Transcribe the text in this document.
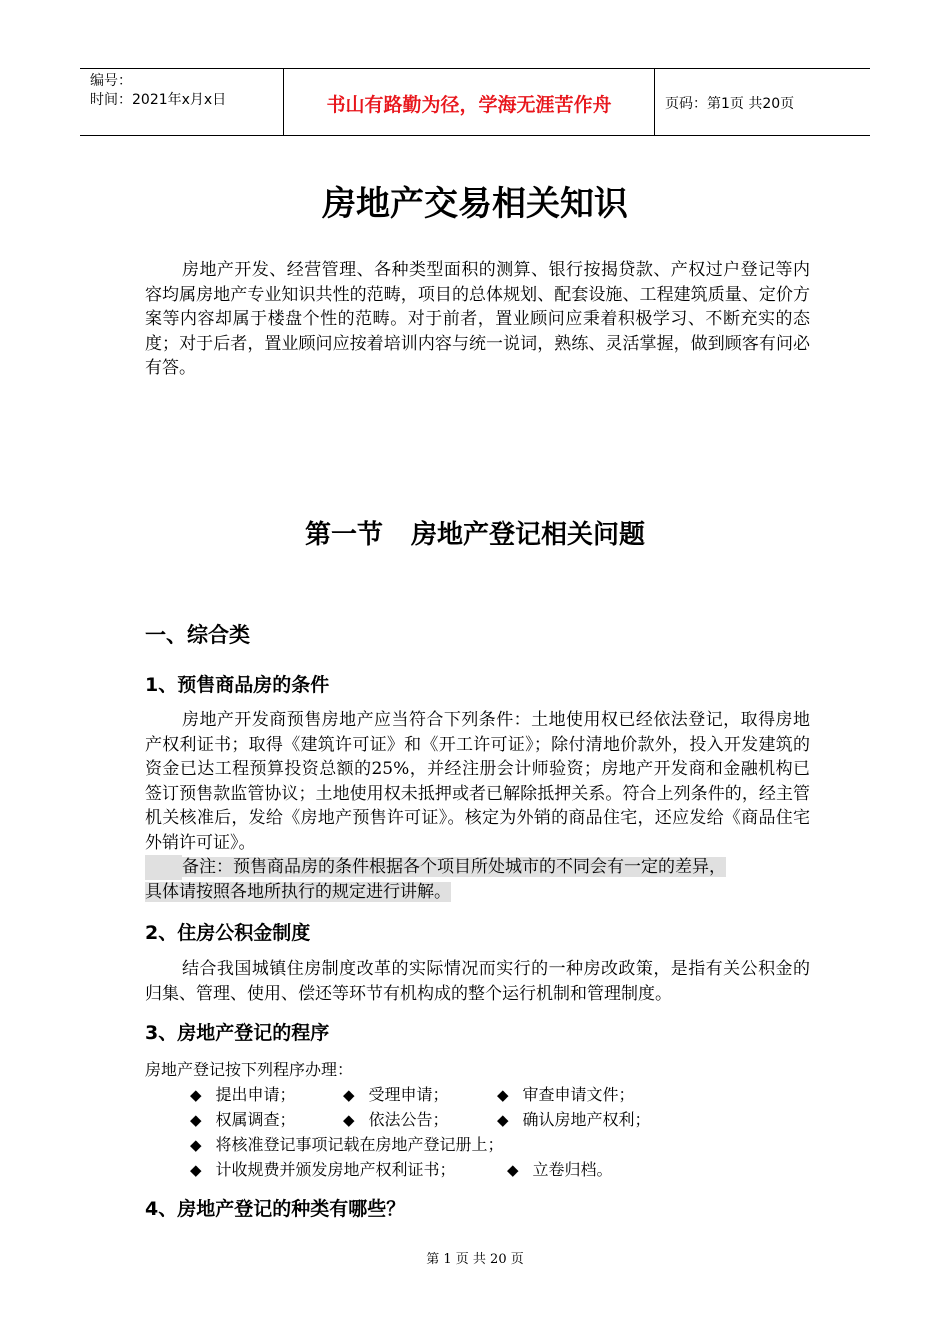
编号：
时间：2021年x月x日	书山有路勤为径，学海无涯苦作舟	页码：第1页 共20页
房地产交易相关知识
房地产开发、经营管理、各种类型面积的测算、银行按揭贷款、产权过户登记等内容均属房地产专业知识共性的范畴，项目的总体规划、配套设施、工程建筑质量、定价方案等内容却属于楼盘个性的范畴。对于前者，置业顾问应秉着积极学习、不断充实的态度；对于后者，置业顾问应按着培训内容与统一说词，熟练、灵活掌握，做到顾客有问必有答。
第一节 房地产登记相关问题
一、综合类
1、预售商品房的条件
房地产开发商预售房地产应当符合下列条件：土地使用权已经依法登记，取得房地产权利证书；取得《建筑许可证》和《开工许可证》；除付清地价款外，投入开发建筑的资金已达工程预算投资总额的25%，并经注册会计师验资；房地产开发商和金融机构已签订预售款监管协议；土地使用权未抵押或者已解除抵押关系。符合上列条件的，经主管机关核准后，发给《房地产预售许可证》。核定为外销的商品住宅，还应发给《商品住宅外销许可证》。
备注：预售商品房的条件根据各个项目所处城市的不同会有一定的差异，
具体请按照各地所执行的规定进行讲解。
2、住房公积金制度
结合我国城镇住房制度改革的实际情况而实行的一种房改政策，是指有关公积金的归集、管理、使用、偿还等环节有机构成的整个运行机制和管理制度。
3、房地产登记的程序
房地产登记按下列程序办理：
◆ 提出申请；	◆ 受理申请；	◆ 审查申请文件；
◆ 权属调查；	◆ 依法公告；	◆ 确认房地产权利；
◆ 将核准登记事项记载在房地产登记册上；
◆ 计收规费并颁发房地产权利证书；	◆ 立卷归档。
4、房地产登记的种类有哪些？
第 1 页 共 20 页
